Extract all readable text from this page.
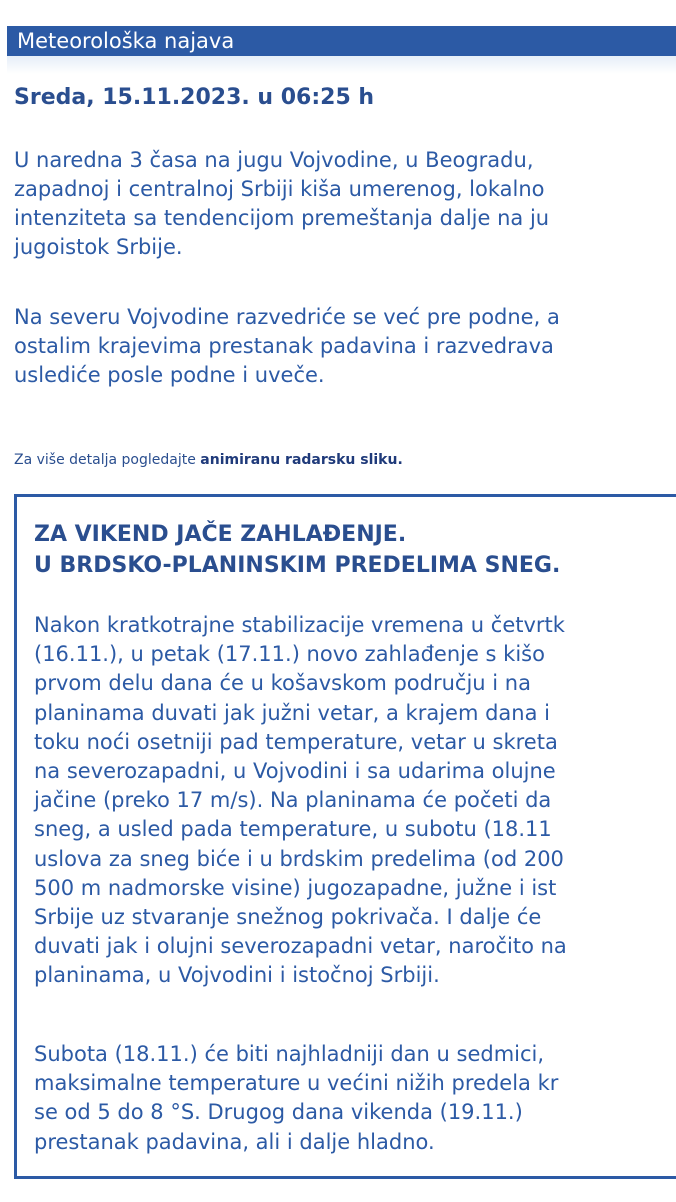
Meteorološka najava
Sreda, 15.11.2023. u 06:25 h

U naredna 3 časa na jugu Vojvodine, u Beogradu,
zapadnoj i centralnoj Srbiji kiša umerenog, lokalno
intenziteta sa tendencijom premeštanja dalje na ju
jugoistok Srbije.

Na severu Vojvodine razvedriće se već pre podne, a
ostalim krajevima prestanak padavina i razvedrava
uslediće posle podne i uveče.

Za više detalja pogledajte animiranu radarsku sliku.

ZA VIKEND JAČE ZAHLAĐENJE.
U BRDSKO-PLANINSKIM PREDELIMA SNEG.

Nakon kratkotrajne stabilizacije vremena u četvrtk
(16.11.), u petak (17.11.) novo zahlađenje s kišo
prvom delu dana će u košavskom području i na
planinama duvati jak južni vetar, a krajem dana i
toku noći osetniji pad temperature, vetar u skreta
na severozapadni, u Vojvodini i sa udarima olujne
jačine (preko 17 m/s). Na planinama će početi da
sneg, a usled pada temperature, u subotu (18.11
uslova za sneg biće i u brdskim predelima (od 200
500 m nadmorske visine) jugozapadne, južne i ist
Srbije uz stvaranje snežnog pokrivača. I dalje će
duvati jak i olujni severozapadni vetar, naročito na
planinama, u Vojvodini i istočnoj Srbiji.

Subota (18.11.) će biti najhladniji dan u sedmici,
maksimalne temperature u većini nižih predela kr
se od 5 do 8 °S. Drugog dana vikenda (19.11.)
prestanak padavina, ali i dalje hladno.
